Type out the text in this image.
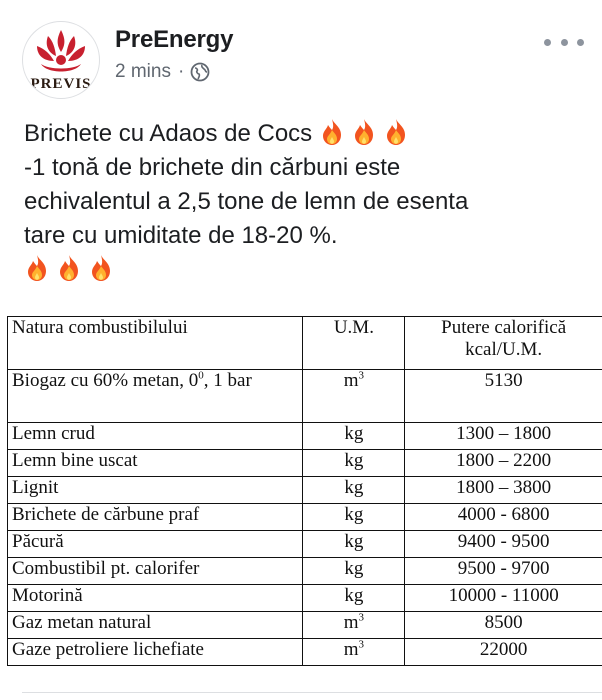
PREVIS
PreEnergy
2 mins ·

Brichete cu Adaos de Cocs

-1 tonă de brichete din cărbuni este

echivalentul a 2,5 tone de lemn de esenta

tare cu umiditate de 18-20 %.

Natura combustibilului	U.M.	Putere calorifică
kcal/U.M.

Biogaz cu 60% metan, $0^0$, 1 bar	$m^3$	5130
Lemn crud	kg	1300 – 1800
Lemn bine uscat	kg	1800 – 2200
Lignit	kg	1800 – 3800
Brichete de cărbune praf	kg	4000 - 6800
Păcură	kg	9400 - 9500
Combustibil pt. calorifer	kg	9500 - 9700
Motorină	kg	10000 - 11000
Gaz metan natural	$m^3$	8500
Gaze petroliere lichefiate	$m^3$	22000
